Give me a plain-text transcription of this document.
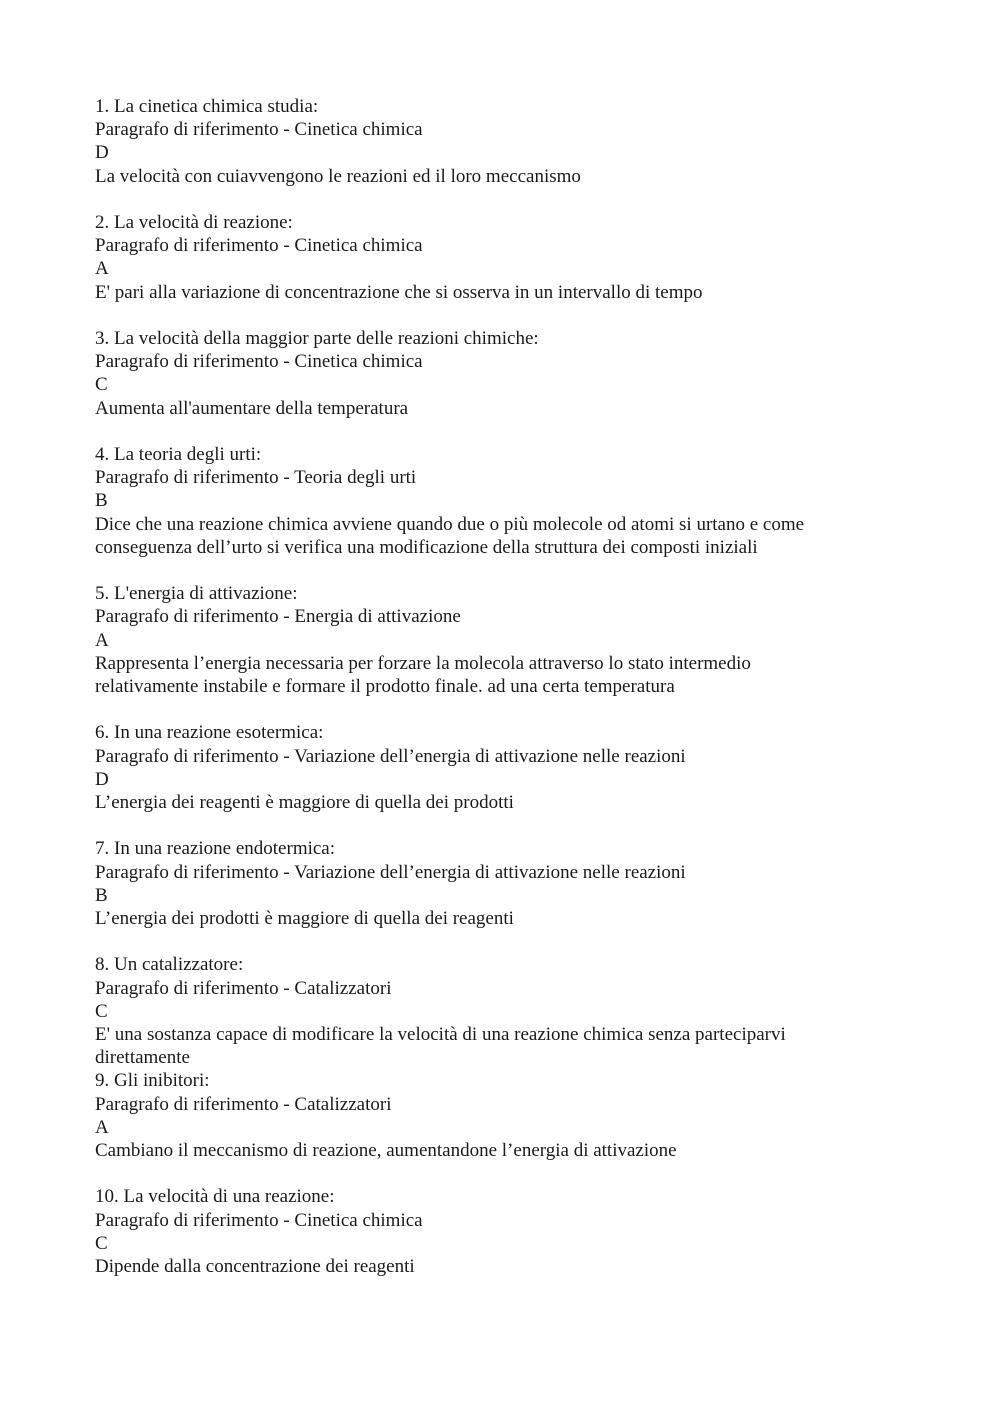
1. La cinetica chimica studia:
Paragrafo di riferimento - Cinetica chimica
D
La velocità con cuiavvengono le reazioni ed il loro meccanismo
2. La velocità di reazione:
Paragrafo di riferimento - Cinetica chimica
A
E' pari alla variazione di concentrazione che si osserva in un intervallo di tempo
3. La velocità della maggior parte delle reazioni chimiche:
Paragrafo di riferimento - Cinetica chimica
C
Aumenta all'aumentare della temperatura
4. La teoria degli urti:
Paragrafo di riferimento - Teoria degli urti
B
Dice che una reazione chimica avviene quando due o più molecole od atomi si urtano e come
conseguenza dell’urto si verifica una modificazione della struttura dei composti iniziali
5. L'energia di attivazione:
Paragrafo di riferimento - Energia di attivazione
A
Rappresenta l’energia necessaria per forzare la molecola attraverso lo stato intermedio
relativamente instabile e formare il prodotto finale. ad una certa temperatura
6. In una reazione esotermica:
Paragrafo di riferimento - Variazione dell’energia di attivazione nelle reazioni
D
L’energia dei reagenti è maggiore di quella dei prodotti
7. In una reazione endotermica:
Paragrafo di riferimento - Variazione dell’energia di attivazione nelle reazioni
B
L’energia dei prodotti è maggiore di quella dei reagenti
8. Un catalizzatore:
Paragrafo di riferimento - Catalizzatori
C
E' una sostanza capace di modificare la velocità di una reazione chimica senza parteciparvi
direttamente
9. Gli inibitori:
Paragrafo di riferimento - Catalizzatori
A
Cambiano il meccanismo di reazione, aumentandone l’energia di attivazione
10. La velocità di una reazione:
Paragrafo di riferimento - Cinetica chimica
C
Dipende dalla concentrazione dei reagenti
